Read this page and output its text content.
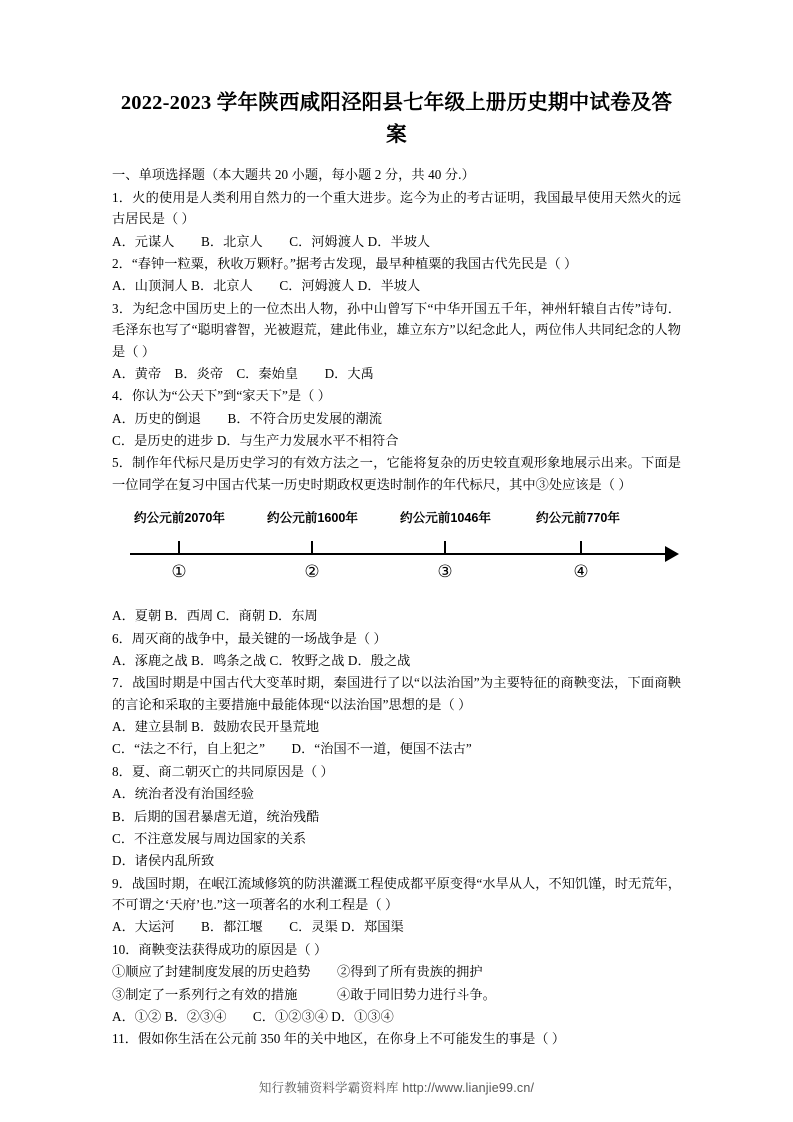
2022-2023 学年陕西咸阳泾阳县七年级上册历史期中试卷及答案
一、单项选择题（本大题共 20 小题，每小题 2 分，共 40 分.）
1．火的使用是人类利用自然力的一个重大进步。迄今为止的考古证明，我国最早使用天然火的远古居民是（ ）
A．元谋人　　B．北京人　　C．河姆渡人 D．半坡人
2．“春钟一粒粟，秋收万颗籽。”据考古发现，最早种植粟的我国古代先民是（ ）
A．山顶洞人 B．北京人　　C．河姆渡人 D．半坡人
3．为纪念中国历史上的一位杰出人物，孙中山曾写下“中华开国五千年，神州轩辕自古传”诗句．毛泽东也写了“聪明睿智，光被遐荒，建此伟业，雄立东方”以纪念此人，两位伟人共同纪念的人物是（ ）
A．黄帝　B．炎帝　C．秦始皇　　D．大禹
4．你认为“公天下”到“家天下”是（ ）
A．历史的倒退　　B．不符合历史发展的潮流
C．是历史的进步 D．与生产力发展水平不相符合
5．制作年代标尺是历史学习的有效方法之一，它能将复杂的历史较直观形象地展示出来。下面是一位同学在复习中国古代某一历史时期政权更迭时制作的年代标尺，其中③处应该是（ ）
约公元前2070年	约公元前1600年	约公元前1046年	约公元前770年
①	②	③	④
A．夏朝 B．西周 C．商朝 D．东周
6．周灭商的战争中，最关键的一场战争是（ ）
A．涿鹿之战 B．鸣条之战 C．牧野之战 D．殷之战
7．战国时期是中国古代大变革时期，秦国进行了以“以法治国”为主要特征的商鞅变法，下面商鞅的言论和采取的主要措施中最能体现“以法治国”思想的是（ ）
A．建立县制 B．鼓励农民开垦荒地
C．“法之不行，自上犯之”　　D．“治国不一道，便国不法古”
8．夏、商二朝灭亡的共同原因是（ ）
A．统治者没有治国经验
B．后期的国君暴虐无道，统治残酷
C．不注意发展与周边国家的关系
D．诸侯内乱所致
9．战国时期，在岷江流域修筑的防洪灌溉工程使成都平原变得“水旱从人，不知饥馑，时无荒年，不可谓之‘天府’也.”这一项著名的水利工程是（ ）
A．大运河　　B．都江堰　　C．灵渠 D．郑国渠
10．商鞅变法获得成功的原因是（ ）
①顺应了封建制度发展的历史趋势　　②得到了所有贵族的拥护
③制定了一系列行之有效的措施　　　④敢于同旧势力进行斗争。
A．①② B．②③④　　C．①②③④ D．①③④
11．假如你生活在公元前 350 年的关中地区，在你身上不可能发生的事是（ ）
知行教辅资料学霸资料库 http://www.lianjie99.cn/
